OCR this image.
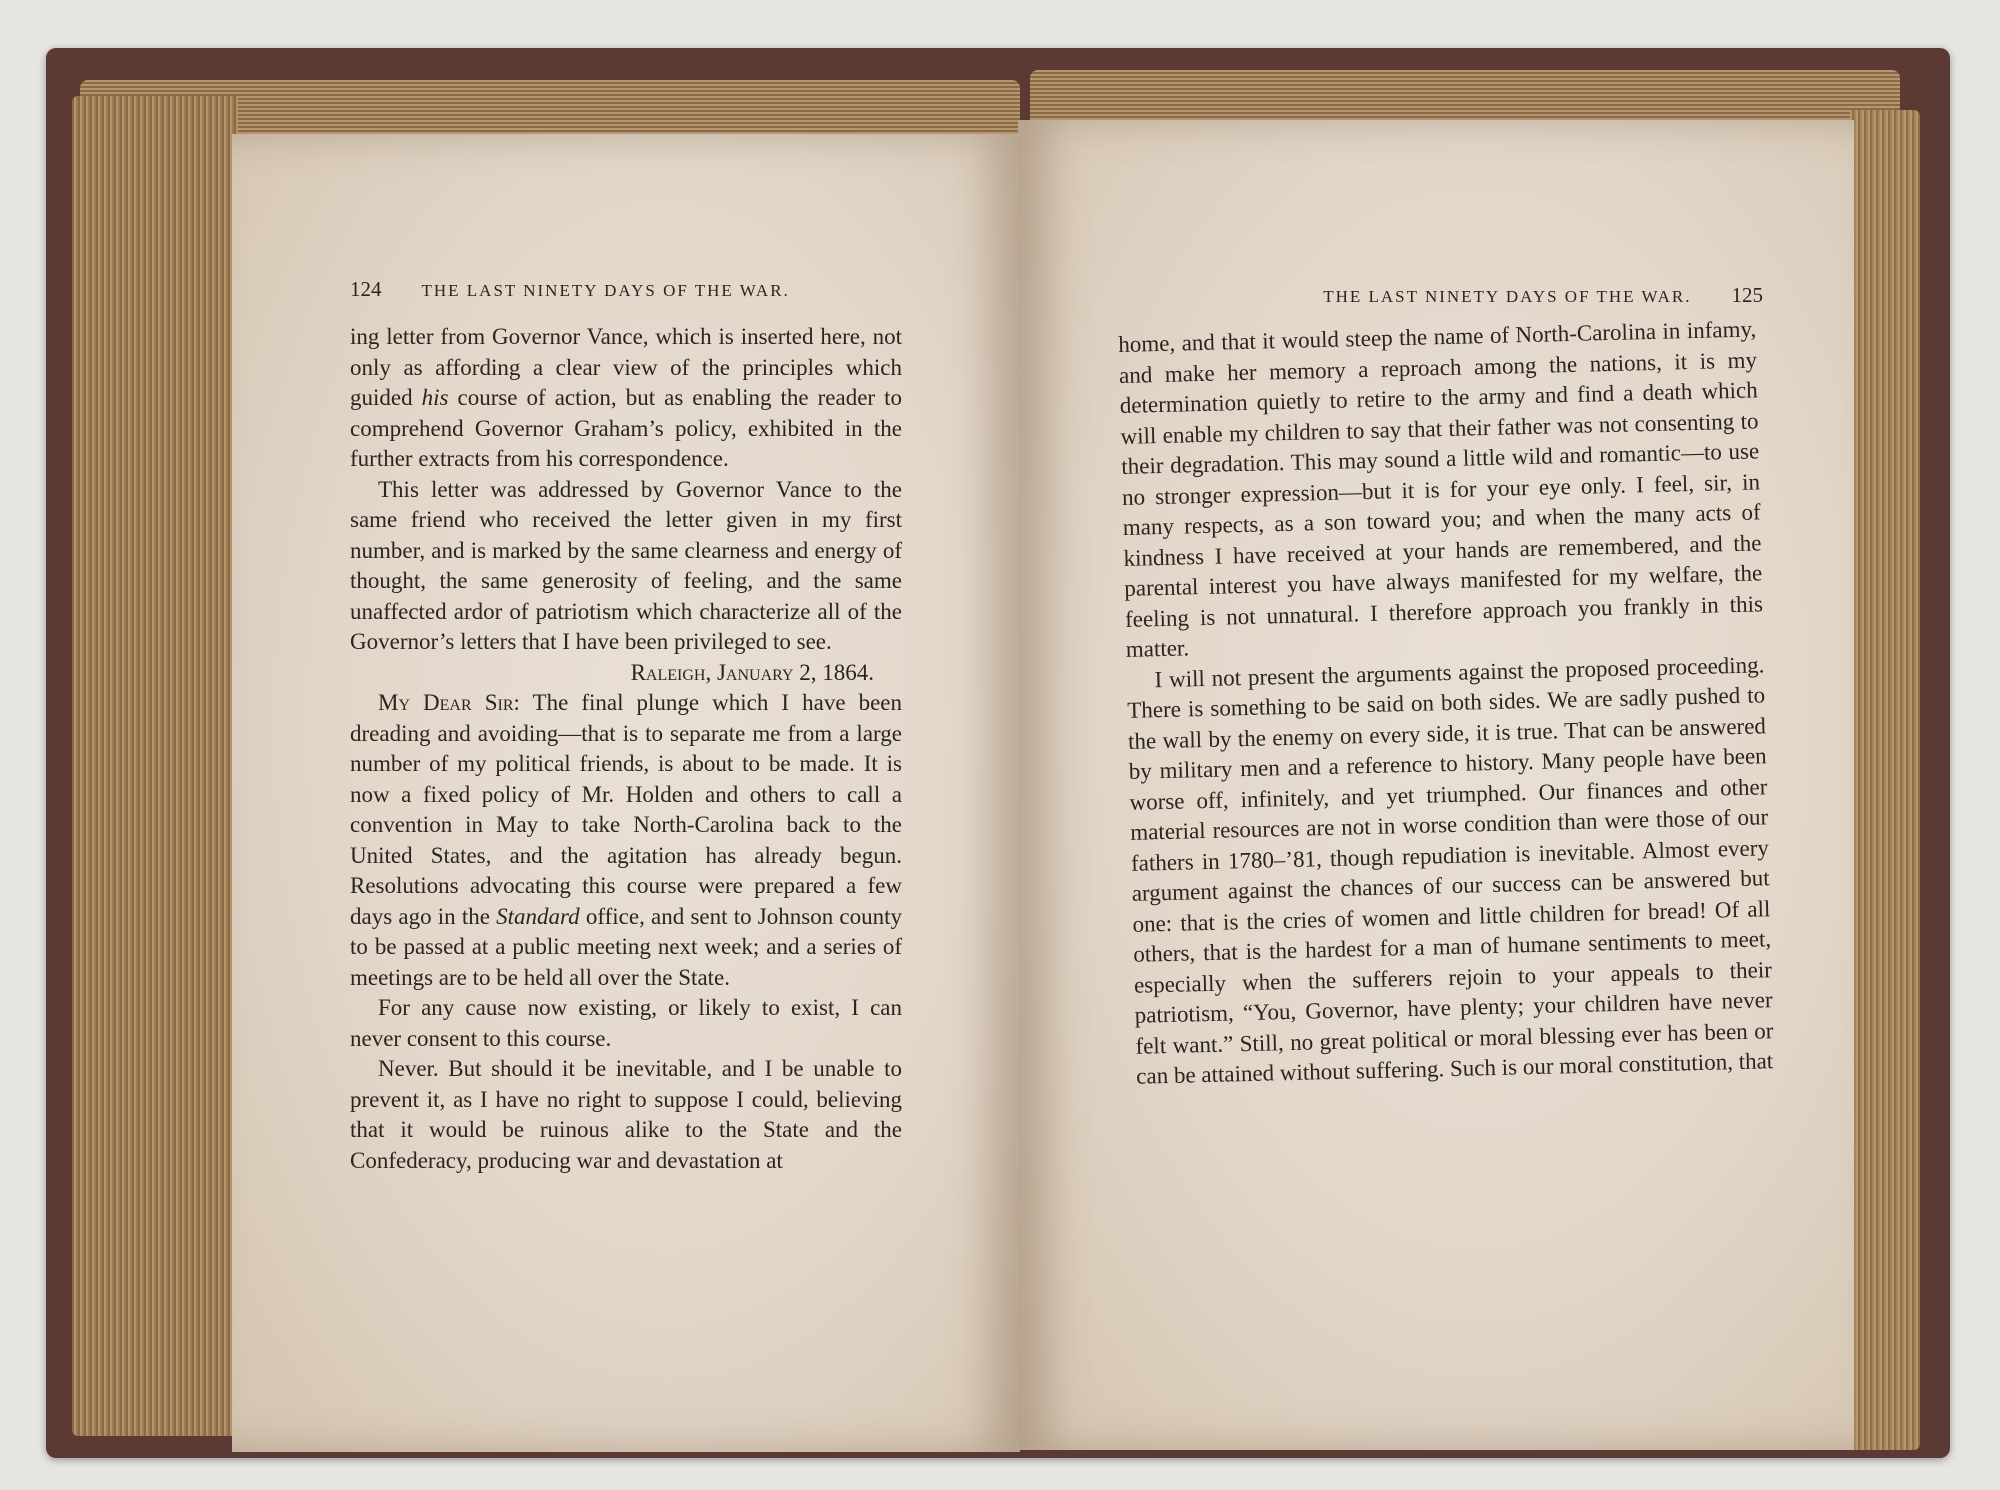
124 THE LAST NINETY DAYS OF THE WAR.

ing letter from Governor Vance, which is inserted here, not only as affording a clear view of the principles which guided his course of action, but as enabling the reader to comprehend Governor Graham’s policy, exhibited in the further extracts from his correspondence.

This letter was addressed by Governor Vance to the same friend who received the letter given in my first number, and is marked by the same clearness and energy of thought, the same generosity of feeling, and the same unaffected ardor of patriotism which characterize all of the Governor’s letters that I have been privileged to see.

Raleigh, January 2, 1864.

My Dear Sir: The final plunge which I have been dreading and avoiding—that is to separate me from a large number of my political friends, is about to be made. It is now a fixed policy of Mr. Holden and others to call a convention in May to take North-Carolina back to the United States, and the agitation has already begun. Resolutions advocating this course were prepared a few days ago in the Standard office, and sent to Johnson county to be passed at a public meeting next week; and a series of meetings are to be held all over the State.

For any cause now existing, or likely to exist, I can never consent to this course.

Never. But should it be inevitable, and I be unable to prevent it, as I have no right to suppose I could, believing that it would be ruinous alike to the State and the Confederacy, producing war and devastation at

THE LAST NINETY DAYS OF THE WAR. 125

home, and that it would steep the name of North-Carolina in infamy, and make her memory a reproach among the nations, it is my determination quietly to retire to the army and find a death which will enable my children to say that their father was not consenting to their degradation. This may sound a little wild and romantic—to use no stronger expression—but it is for your eye only. I feel, sir, in many respects, as a son toward you; and when the many acts of kindness I have received at your hands are remembered, and the parental interest you have always manifested for my welfare, the feeling is not unnatural. I therefore approach you frankly in this matter.

I will not present the arguments against the proposed proceeding. There is something to be said on both sides. We are sadly pushed to the wall by the enemy on every side, it is true. That can be answered by military men and a reference to history. Many people have been worse off, infinitely, and yet triumphed. Our finances and other material resources are not in worse condition than were those of our fathers in 1780–’81, though repudiation is inevitable. Almost every argument against the chances of our success can be answered but one: that is the cries of women and little children for bread! Of all others, that is the hardest for a man of humane sentiments to meet, especially when the sufferers rejoin to your appeals to their patriotism, “You, Governor, have plenty; your children have never felt want.” Still, no great political or moral blessing ever has been or can be attained without suffering. Such is our moral constitution, that
